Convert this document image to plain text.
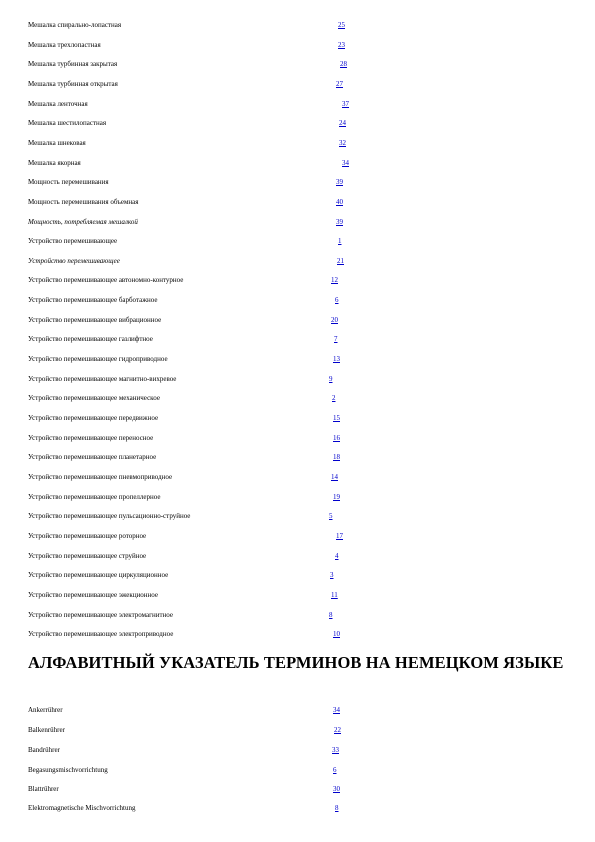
Мешалка спирально-лопастная	25
Мешалка трехлопастная	23
Мешалка турбинная закрытая	28
Мешалка турбинная открытая	27
Мешалка ленточная	37
Мешалка шестилопастная	24
Мешалка шнековая	32
Мешалка якорная	34
Мощность перемешивания	39
Мощность перемешивания объемная	40
Мощность, потребляемая мешалкой	39
Устройство перемешивающее	1
Устройство перемешивающее	21
Устройство перемешивающее автономно-контурное	12
Устройство перемешивающее барботажное	6
Устройство перемешивающее вибрационное	20
Устройство перемешивающее газлифтное	7
Устройство перемешивающее гидроприводное	13
Устройство перемешивающее магнитно-вихревое	9
Устройство перемешивающее механическое	2
Устройство перемешивающее передвижное	15
Устройство перемешивающее переносное	16
Устройство перемешивающее планетарное	18
Устройство перемешивающее пневмоприводное	14
Устройство перемешивающее пропеллерное	19
Устройство перемешивающее пульсационно-струйное	5
Устройство перемешивающее роторное	17
Устройство перемешивающее струйное	4
Устройство перемешивающее циркуляционное	3
Устройство перемешивающее эжекционное	11
Устройство перемешивающее электромагнитное	8
Устройство перемешивающее электроприводное	10
АЛФАВИТНЫЙ УКАЗАТЕЛЬ ТЕРМИНОВ НА НЕМЕЦКОМ ЯЗЫКЕ
Ankerrührer	34
Balkenrührer	22
Bandrührer	33
Begasungsmischvorrichtung	6
Blattrührer	30
Elektromagnetische Mischvorrichtung	8
